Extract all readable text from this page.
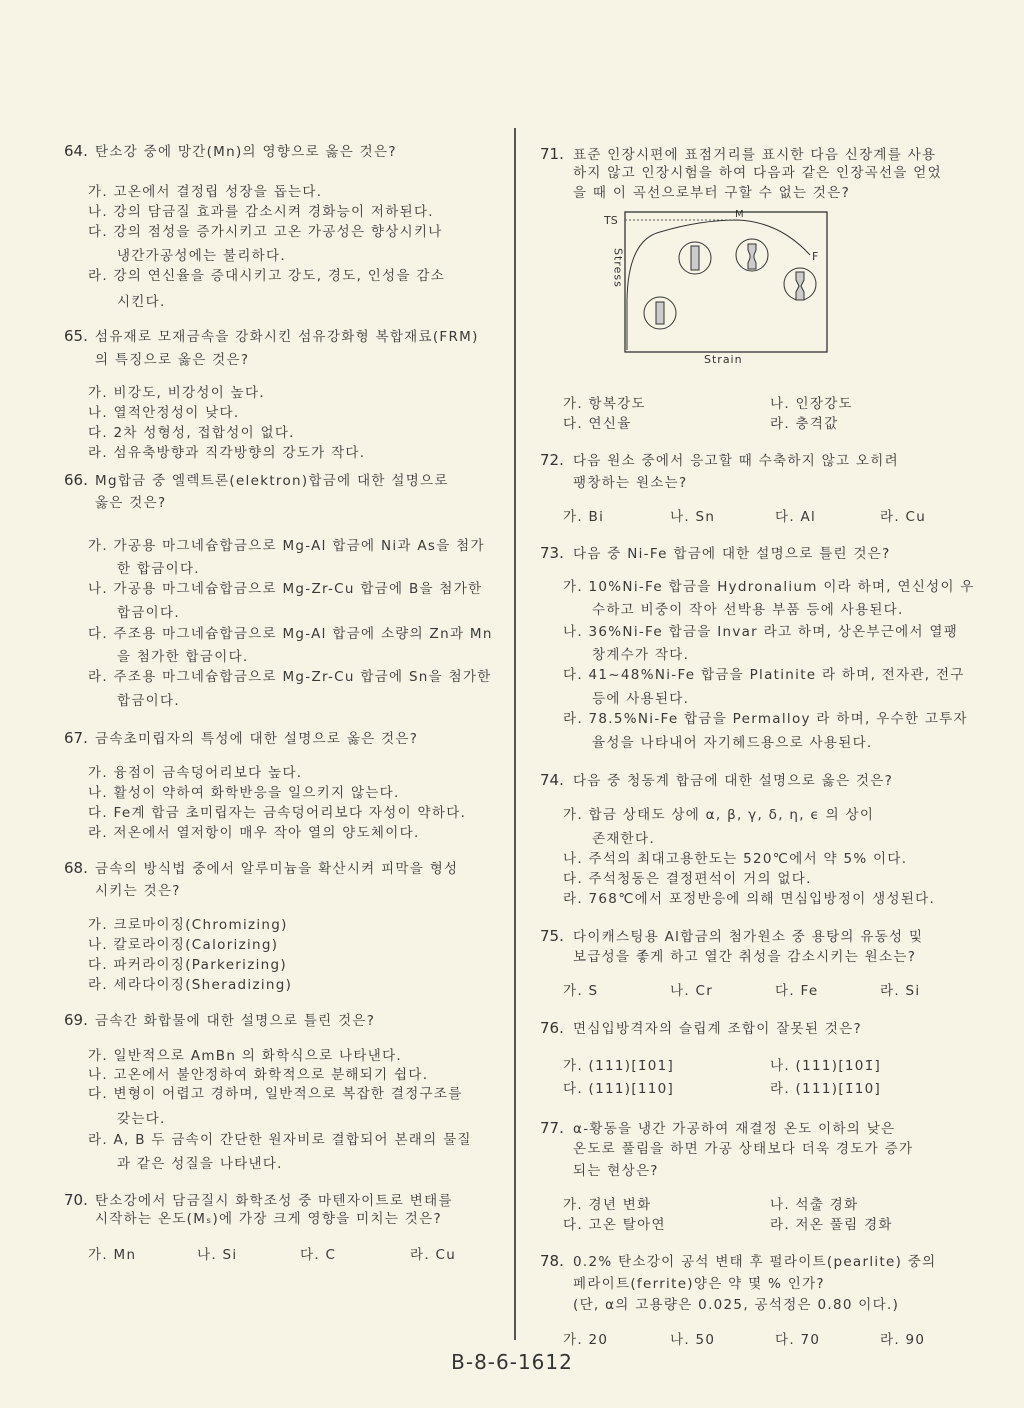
64. 탄소강 중에 망간(Mn)의 영향으로 옳은 것은?
가. 고온에서 결정립 성장을 돕는다.
나. 강의 담금질 효과를 감소시켜 경화능이 저하된다.
다. 강의 점성을 증가시키고 고온 가공성은 향상시키나
냉간가공성에는 불리하다.
라. 강의 연신율을 증대시키고 강도, 경도, 인성을 감소
시킨다.
65. 섬유재로 모재금속을 강화시킨 섬유강화형 복합재료(FRM)
의 특징으로 옳은 것은?
가. 비강도, 비강성이 높다.
나. 열적안정성이 낮다.
다. 2차 성형성, 접합성이 없다.
라. 섬유축방향과 직각방향의 강도가 작다.
66. Mg합금 중 엘렉트론(elektron)합금에 대한 설명으로
옳은 것은?
가. 가공용 마그네슘합금으로 Mg-Al 합금에 Ni과 As을 첨가
한 합금이다.
나. 가공용 마그네슘합금으로 Mg-Zr-Cu 합금에 B을 첨가한
합금이다.
다. 주조용 마그네슘합금으로 Mg-Al 합금에 소량의 Zn과 Mn
을 첨가한 합금이다.
라. 주조용 마그네슘합금으로 Mg-Zr-Cu 합금에 Sn을 첨가한
합금이다.
67. 금속초미립자의 특성에 대한 설명으로 옳은 것은?
가. 융점이 금속덩어리보다 높다.
나. 활성이 약하여 화학반응을 일으키지 않는다.
다. Fe계 합금 초미립자는 금속덩어리보다 자성이 약하다.
라. 저온에서 열저항이 매우 작아 열의 양도체이다.
68. 금속의 방식법 중에서 알루미늄을 확산시켜 피막을 형성
시키는 것은?
가. 크로마이징(Chromizing)
나. 칼로라이징(Calorizing)
다. 파커라이징(Parkerizing)
라. 세라다이징(Sheradizing)
69. 금속간 화합물에 대한 설명으로 틀린 것은?
가. 일반적으로 AmBn 의 화학식으로 나타낸다.
나. 고온에서 불안정하여 화학적으로 분해되기 쉽다.
다. 변형이 어렵고 경하며, 일반적으로 복잡한 결정구조를
갖는다.
라. A, B 두 금속이 간단한 원자비로 결합되어 본래의 물질
과 같은 성질을 나타낸다.
70. 탄소강에서 담금질시 화학조성 중 마텐자이트로 변태를
시작하는 온도(Mₛ)에 가장 크게 영향을 미치는 것은?
가. Mn	나. Si	다. C	라. Cu
71. 표준 인장시편에 표점거리를 표시한 다음 신장계를 사용
하지 않고 인장시험을 하여 다음과 같은 인장곡선을 얻었
을 때 이 곡선으로부터 구할 수 없는 것은?
가. 항복강도	나. 인장강도
다. 연신율	라. 충격값
72. 다음 원소 중에서 응고할 때 수축하지 않고 오히려
팽창하는 원소는?
가. Bi	나. Sn	다. Al	라. Cu
73. 다음 중 Ni-Fe 합금에 대한 설명으로 틀린 것은?
가. 10%Ni-Fe 합금을 Hydronalium 이라 하며, 연신성이 우
수하고 비중이 작아 선박용 부품 등에 사용된다.
나. 36%Ni-Fe 합금을 Invar 라고 하며, 상온부근에서 열팽
창계수가 작다.
다. 41~48%Ni-Fe 합금을 Platinite 라 하며, 전자관, 전구
등에 사용된다.
라. 78.5%Ni-Fe 합금을 Permalloy 라 하며, 우수한 고투자
율성을 나타내어 자기헤드용으로 사용된다.
74. 다음 중 청동계 합금에 대한 설명으로 옳은 것은?
가. 합금 상태도 상에 α, β, γ, δ, η, ϵ 의 상이
존재한다.
나. 주석의 최대고용한도는 520℃에서 약 5% 이다.
다. 주석청동은 결정편석이 거의 없다.
라. 768℃에서 포정반응에 의해 면심입방정이 생성된다.
75. 다이캐스팅용 Al합금의 첨가원소 중 용탕의 유동성 및
보급성을 좋게 하고 열간 취성을 감소시키는 원소는?
가. S	나. Cr	다. Fe	라. Si
76. 면심입방격자의 슬립계 조합이 잘못된 것은?
가. (111)[1̄01]	나. (111)[101̄]
다. (111)[110]	라. (111)[1̄10]
77. α-황동을 냉간 가공하여 재결정 온도 이하의 낮은
온도로 풀림을 하면 가공 상태보다 더욱 경도가 증가
되는 현상은?
가. 경년 변화	나. 석출 경화
다. 고온 탈아연	라. 저온 풀림 경화
78. 0.2% 탄소강이 공석 변태 후 펄라이트(pearlite) 중의
페라이트(ferrite)양은 약 몇 % 인가?
(단, α의 고용량은 0.025, 공석정은 0.80 이다.)
가. 20	나. 50	다. 70	라. 90
TS	M
F
Stress
Strain
B-8-6-1612
